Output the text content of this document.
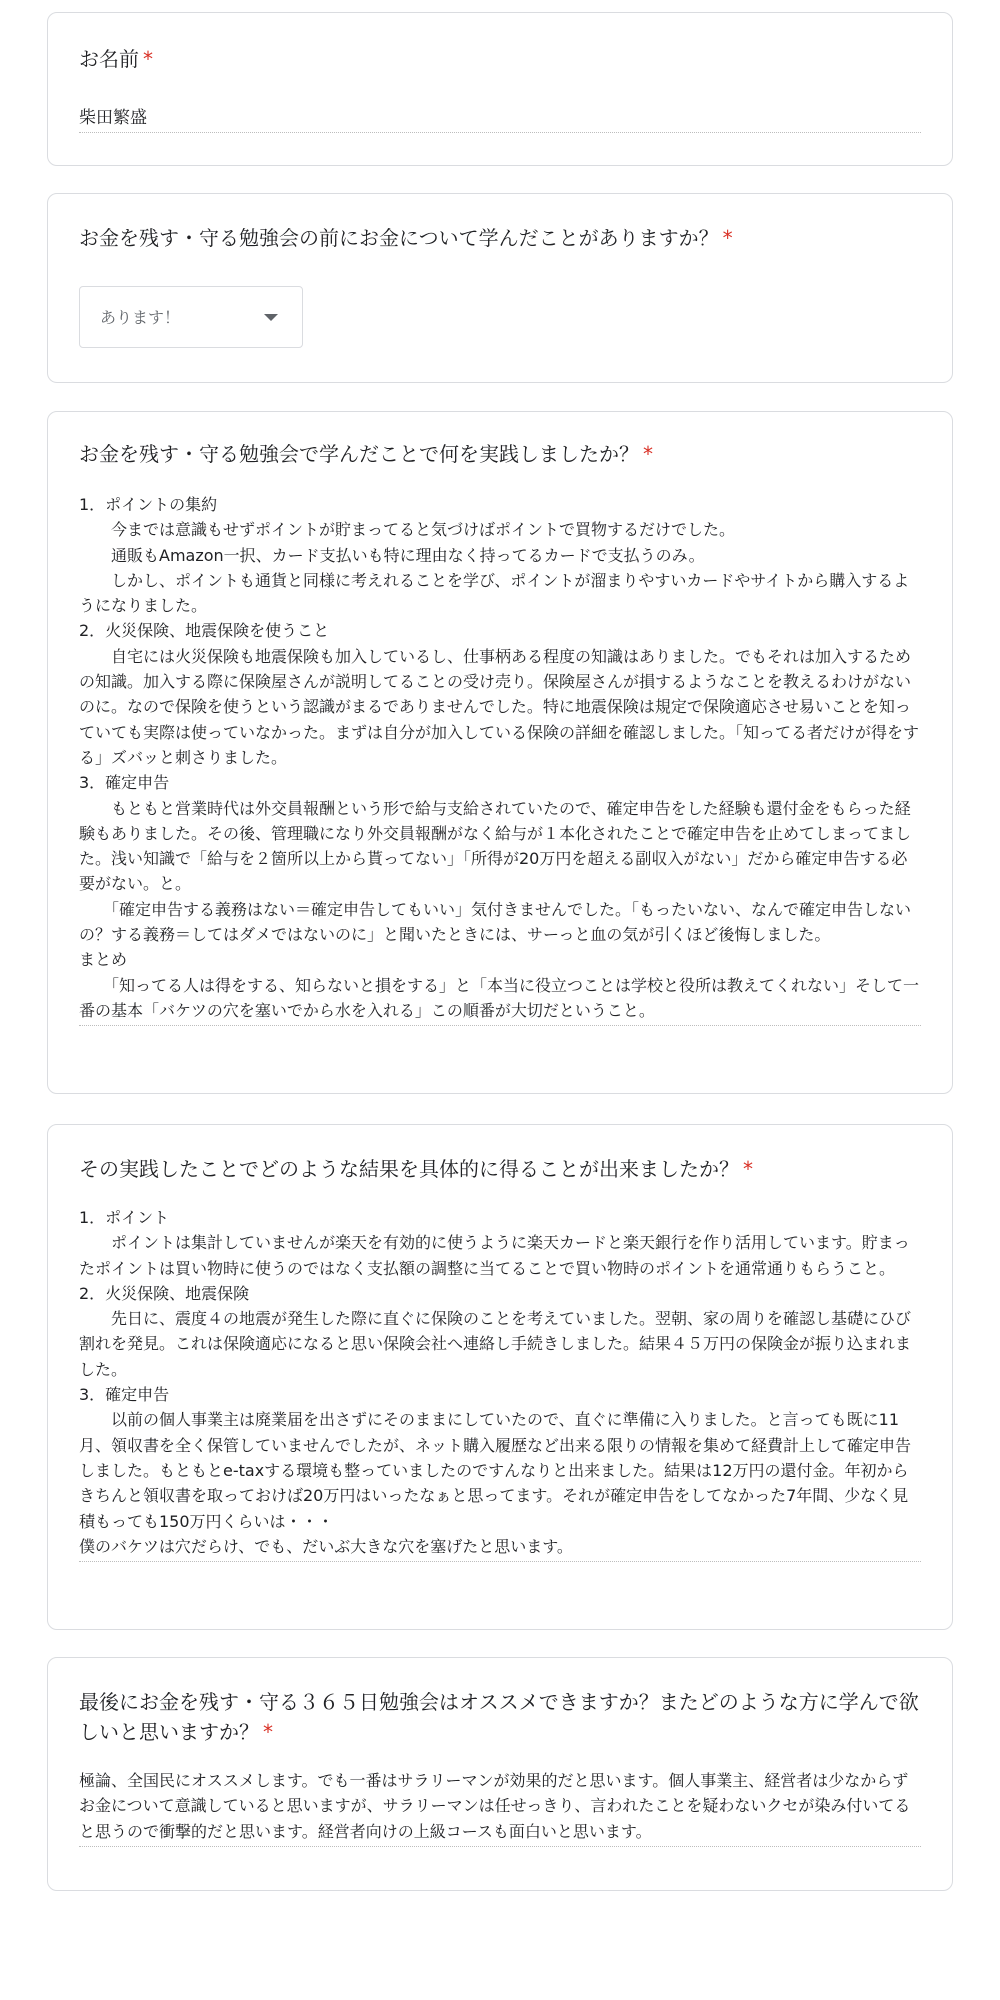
お名前 *

柴田繁盛

お金を残す・守る勉強会の前にお金について学んだことがありますか？ *

あります！

お金を残す・守る勉強会で学んだことで何を実践しましたか？ *

1．ポイントの集約
　　今までは意識もせずポイントが貯まってると気づけばポイントで買物するだけでした。
　　通販もAmazon一択、カード支払いも特に理由なく持ってるカードで支払うのみ。
　　しかし、ポイントも通貨と同様に考えれることを学び、ポイントが溜まりやすいカードやサイトから購入するようになりました。
2．火災保険、地震保険を使うこと
　　自宅には火災保険も地震保険も加入しているし、仕事柄ある程度の知識はありました。でもそれは加入するための知識。加入する際に保険屋さんが説明してることの受け売り。保険屋さんが損するようなことを教えるわけがないのに。なので保険を使うという認識がまるでありませんでした。特に地震保険は規定で保険適応させ易いことを知っていても実際は使っていなかった。まずは自分が加入している保険の詳細を確認しました。「知ってる者だけが得をする」ズバッと刺さりました。
3．確定申告
　　もともと営業時代は外交員報酬という形で給与支給されていたので、確定申告をした経験も還付金をもらった経験もありました。その後、管理職になり外交員報酬がなく給与が１本化されたことで確定申告を止めてしまってました。浅い知識で「給与を２箇所以上から貰ってない」「所得が20万円を超える副収入がない」だから確定申告する必要がない。と。
　　「確定申告する義務はない＝確定申告してもいい」気付きませんでした。「もったいない、なんで確定申告しないの？する義務＝してはダメではないのに」と聞いたときには、サーっと血の気が引くほど後悔しました。
まとめ
　　「知ってる人は得をする、知らないと損をする」と「本当に役立つことは学校と役所は教えてくれない」そして一番の基本「バケツの穴を塞いでから水を入れる」この順番が大切だということ。

その実践したことでどのような結果を具体的に得ることが出来ましたか？ *

1．ポイント
　　ポイントは集計していませんが楽天を有効的に使うように楽天カードと楽天銀行を作り活用しています。貯まったポイントは買い物時に使うのではなく支払額の調整に当てることで買い物時のポイントを通常通りもらうこと。
2．火災保険、地震保険
　　先日に、震度４の地震が発生した際に直ぐに保険のことを考えていました。翌朝、家の周りを確認し基礎にひび割れを発見。これは保険適応になると思い保険会社へ連絡し手続きしました。結果４５万円の保険金が振り込まれました。
3．確定申告
　　以前の個人事業主は廃業届を出さずにそのままにしていたので、直ぐに準備に入りました。と言っても既に11月、領収書を全く保管していませんでしたが、ネット購入履歴など出来る限りの情報を集めて経費計上して確定申告しました。もともとe-taxする環境も整っていましたのですんなりと出来ました。結果は12万円の還付金。年初からきちんと領収書を取っておけば20万円はいったなぁと思ってます。それが確定申告をしてなかった7年間、少なく見積もっても150万円くらいは・・・
僕のバケツは穴だらけ、でも、だいぶ大きな穴を塞げたと思います。

最後にお金を残す・守る３６５日勉強会はオススメできますか？またどのような方に学んで欲しいと思いますか？ *

極論、全国民にオススメします。でも一番はサラリーマンが効果的だと思います。個人事業主、経営者は少なからずお金について意識していると思いますが、サラリーマンは任せっきり、言われたことを疑わないクセが染み付いてると思うので衝撃的だと思います。経営者向けの上級コースも面白いと思います。
